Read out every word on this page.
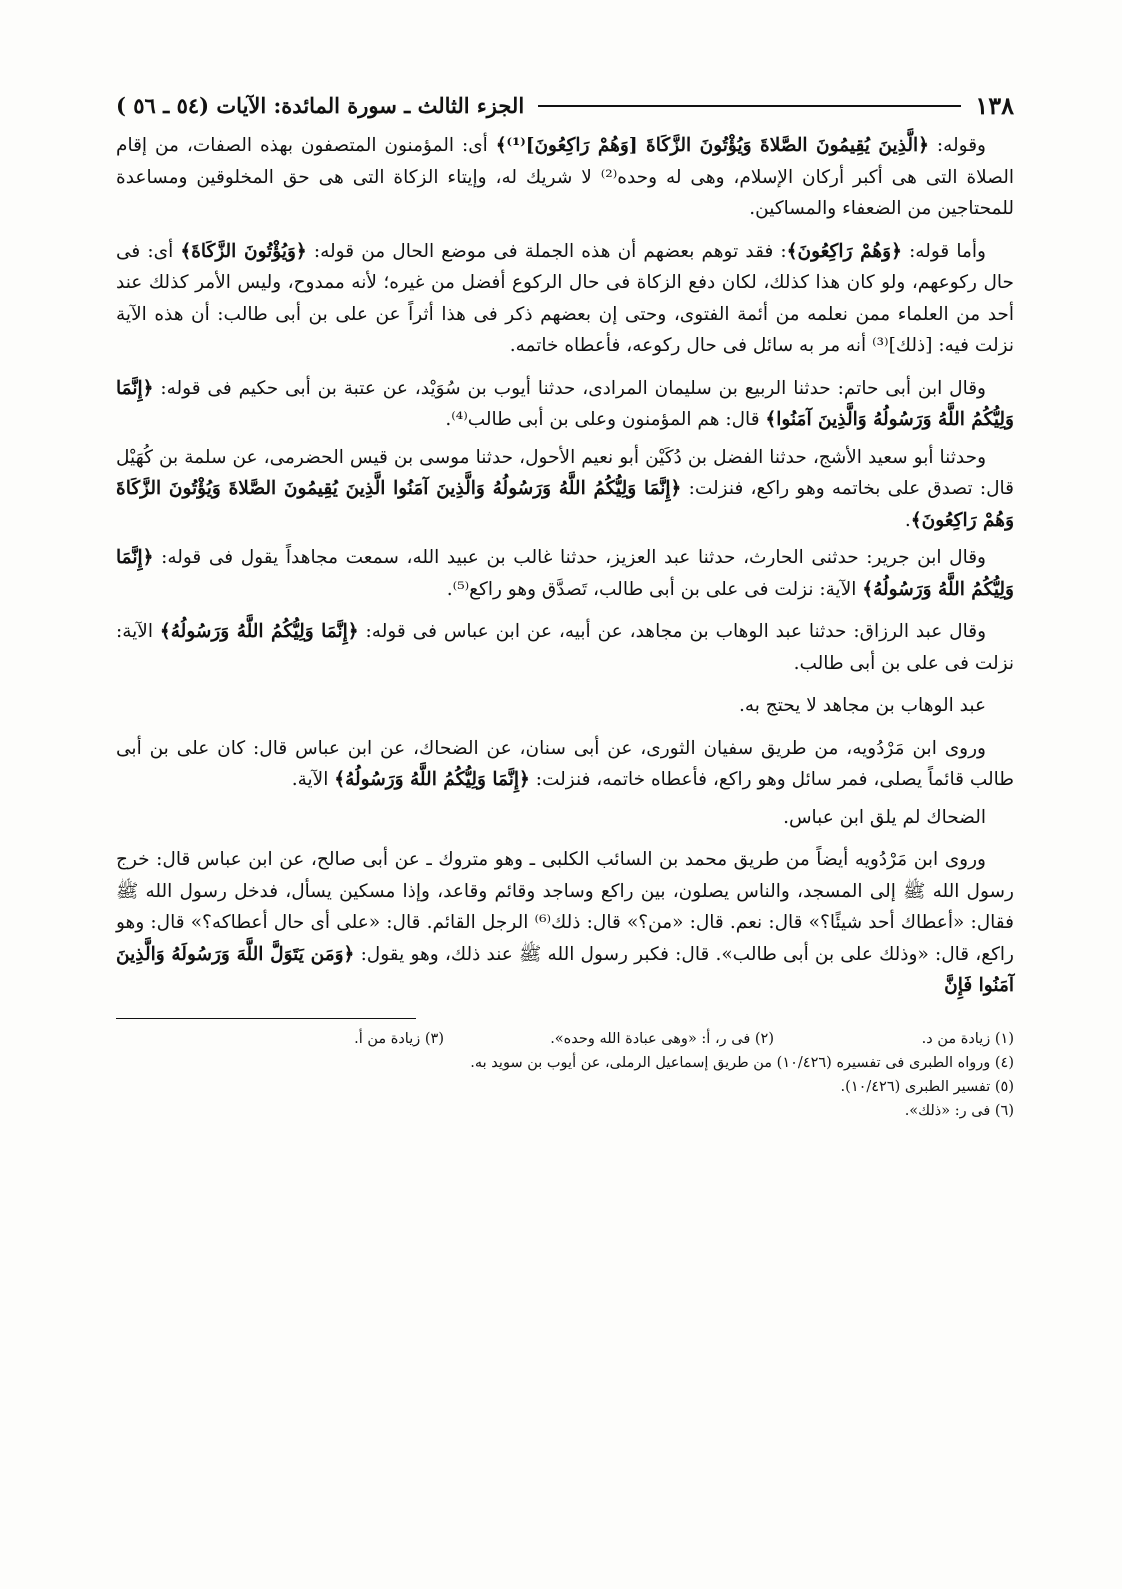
١٣٨
الجزء الثالث ـ سورة المائدة: الآيات (٥٤ ـ ٥٦ )

وقوله: ﴿الَّذِينَ يُقِيمُونَ الصَّلاةَ وَيُؤْتُونَ الزَّكَاةَ [وَهُمْ رَاكِعُونَ]⁽¹⁾﴾ أى: المؤمنون المتصفون بهذه الصفات، من إقام الصلاة التى هى أكبر أركان الإسلام، وهى له وحده⁽²⁾ لا شريك له، وإيتاء الزكاة التى هى حق المخلوقين ومساعدة للمحتاجين من الضعفاء والمساكين.

وأما قوله: ﴿وَهُمْ رَاكِعُونَ﴾: فقد توهم بعضهم أن هذه الجملة فى موضع الحال من قوله: ﴿وَيُؤْتُونَ الزَّكَاةَ﴾ أى: فى حال ركوعهم، ولو كان هذا كذلك، لكان دفع الزكاة فى حال الركوع أفضل من غيره؛ لأنه ممدوح، وليس الأمر كذلك عند أحد من العلماء ممن نعلمه من أئمة الفتوى، وحتى إن بعضهم ذكر فى هذا أثراً عن على بن أبى طالب: أن هذه الآية نزلت فيه: [ذلك]⁽³⁾ أنه مر به سائل فى حال ركوعه، فأعطاه خاتمه.

وقال ابن أبى حاتم: حدثنا الربيع بن سليمان المرادى، حدثنا أيوب بن سُوَيْد، عن عتبة بن أبى حكيم فى قوله: ﴿إِنَّمَا وَلِيُّكُمُ اللَّهُ وَرَسُولُهُ وَالَّذِينَ آمَنُوا﴾ قال: هم المؤمنون وعلى بن أبى طالب⁽⁴⁾.

وحدثنا أبو سعيد الأشج، حدثنا الفضل بن دُكَيْن أبو نعيم الأحول، حدثنا موسى بن قيس الحضرمى، عن سلمة بن كُهَيْل قال: تصدق على بخاتمه وهو راكع، فنزلت: ﴿إِنَّمَا وَلِيُّكُمُ اللَّهُ وَرَسُولُهُ وَالَّذِينَ آمَنُوا الَّذِينَ يُقِيمُونَ الصَّلاةَ وَيُؤْتُونَ الزَّكَاةَ وَهُمْ رَاكِعُونَ﴾.

وقال ابن جرير: حدثنى الحارث، حدثنا عبد العزيز، حدثنا غالب بن عبيد الله، سمعت مجاهداً يقول فى قوله: ﴿إِنَّمَا وَلِيُّكُمُ اللَّهُ وَرَسُولُهُ﴾ الآية: نزلت فى على بن أبى طالب، تَصدَّق وهو راكع⁽⁵⁾.

وقال عبد الرزاق: حدثنا عبد الوهاب بن مجاهد، عن أبيه، عن ابن عباس فى قوله: ﴿إِنَّمَا وَلِيُّكُمُ اللَّهُ وَرَسُولُهُ﴾ الآية: نزلت فى على بن أبى طالب.

عبد الوهاب بن مجاهد لا يحتج به.

وروى ابن مَرْدُويه، من طريق سفيان الثورى، عن أبى سنان، عن الضحاك، عن ابن عباس قال: كان على بن أبى طالب قائماً يصلى، فمر سائل وهو راكع، فأعطاه خاتمه، فنزلت: ﴿إِنَّمَا وَلِيُّكُمُ اللَّهُ وَرَسُولُهُ﴾ الآية.

الضحاك لم يلق ابن عباس.

وروى ابن مَرْدُويه أيضاً من طريق محمد بن السائب الكلبى ـ وهو متروك ـ عن أبى صالح، عن ابن عباس قال: خرج رسول الله ﷺ إلى المسجد، والناس يصلون، بين راكع وساجد وقائم وقاعد، وإذا مسكين يسأل، فدخل رسول الله ﷺ فقال: «أعطاك أحد شيئًا؟» قال: نعم. قال: «من؟» قال: ذلك⁽⁶⁾ الرجل القائم. قال: «على أى حال أعطاكه؟» قال: وهو راكع، قال: «وذلك على بن أبى طالب». قال: فكبر رسول الله ﷺ عند ذلك، وهو يقول: ﴿وَمَن يَتَوَلَّ اللَّهَ وَرَسُولَهُ وَالَّذِينَ آمَنُوا فَإِنَّ

(١) زيادة من د.
(٢) فى ر، أ: «وهى عبادة الله وحده».
(٣) زيادة من أ.
(٤) ورواه الطبرى فى تفسيره (١٠/٤٢٦) من طريق إسماعيل الرملى، عن أيوب بن سويد به.
(٥) تفسير الطبرى (١٠/٤٢٦).
(٦) فى ر: «ذلك».
